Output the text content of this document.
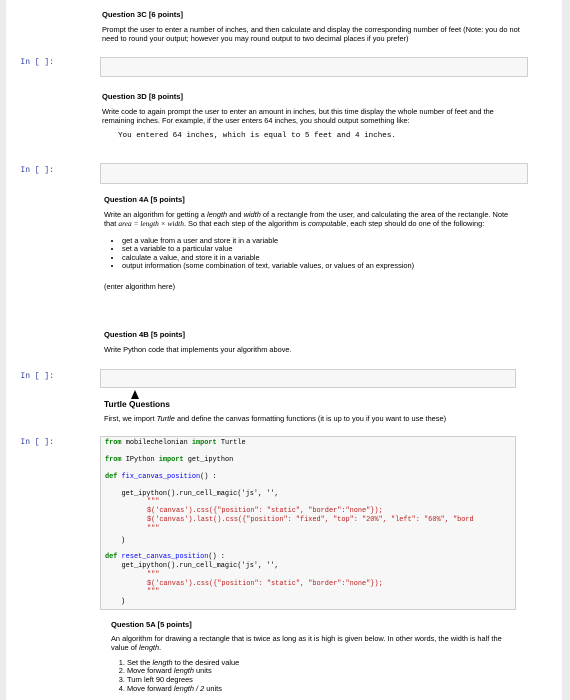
Question 3C [6 points]
Prompt the user to enter a number of inches, and then calculate and display the corresponding number of feet (Note: you do not need to round your output; however you may round output to two decimal places if you prefer)
In [ ]:
Question 3D [8 points]
Write code to again prompt the user to enter an amount in inches, but this time display the whole number of feet and the remaining inches. For example, if the user enters 64 inches, you should output something like:
You entered 64 inches, which is equal to 5 feet and 4 inches.
In [ ]:
Question 4A [5 points]
Write an algorithm for getting a length and width of a rectangle from the user, and calculating the area of the rectangle. Note that area = length × width. So that each step of the algorithm is computable, each step should do one of the following:
• get a value from a user and store it in a variable
• set a variable to a particular value
• calculate a value, and store it in a variable
• output information (some combination of text, variable values, or values of an expression)
(enter algorithm here)
Question 4B [5 points]
Write Python code that implements your algorithm above.
In [ ]:
Turtle Questions
First, we import Turtle and define the canvas formatting functions (it is up to you if you want to use these)
In [ ]:	from mobilechelonian import Turtle
from IPython import get_ipython
def fix_canvas_position() :
get_ipython().run_cell_magic('js', '',
"""
$('canvas').css({"position": "static", "border":"none"});
$('canvas').last().css({"position": "fixed", "top": "20%", "left": "60%", "bord
"""
)
def reset_canvas_position() :
get_ipython().run_cell_magic('js', '',
"""
$('canvas').css({"position": "static", "border":"none"});
"""
)
Question 5A [5 points]
An algorithm for drawing a rectangle that is twice as long as it is high is given below. In other words, the width is half the value of length.
1. Set the length to the desired value
2. Move forward length units
3. Turn left 90 degrees
4. Move forward length / 2 units
